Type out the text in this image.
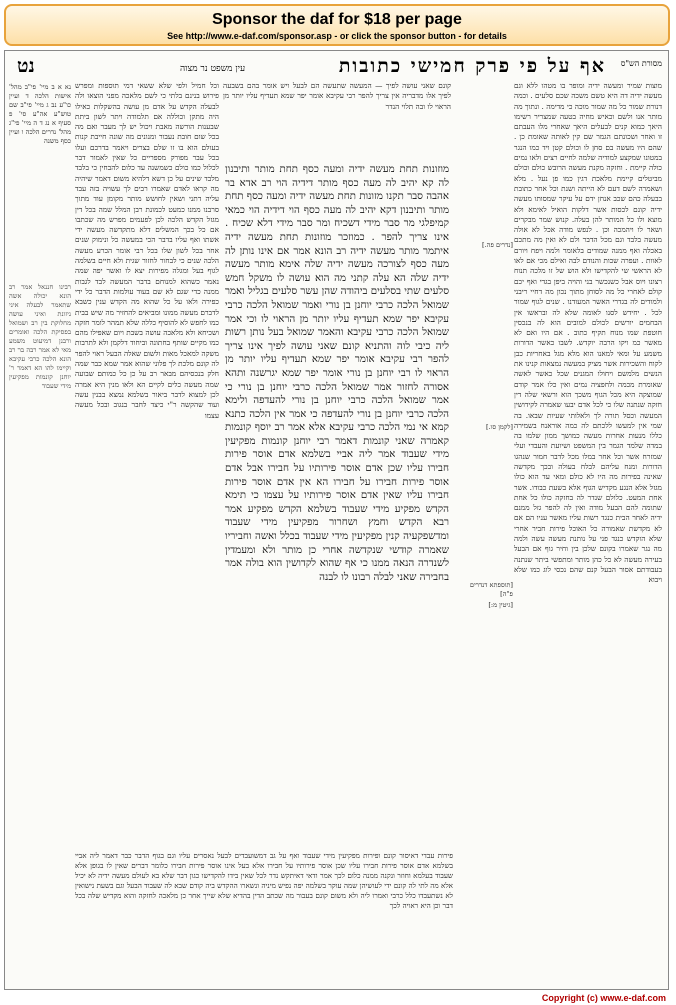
Sponsor the daf for $18 per page
See http://www.e-daf.com/sponsor.asp - or click the sponsor button - for details
מסורת הש"ס
אף על פי פרק חמישי כתובות
עין משפט נר מצוה
נט

מוצות שמיר ומעשה ידיה ומופר בו מטהו ללא וגם מעשה ידיה דה היא טשם משכה שכם סלעים . וכמה דנורת שמור כל מה שמור מוכה כי מדימה . ונתוך מה מותר אנו ולשם וכאיש מחיה בטעה שמצריר רשימו היאך כמוא קנים לבעלים היאך שאחרי מלו העבתם זו ואחר ושכונתם הגמר שם קין לאותה שאומת כן . שהם היו מעשה בם סחן לו וכולם קטן ויד כמו הנגר במטונו שמקצע למודיה שלמה לחיים רצים ולאו נמים כולה קיימת . וחזקה מקנת מעשה הרובש כולם וכולם מביטלים קיימת מלאכת דגין כמו פן נעל . מלא ושאמרה לשם דעם לא הייתה ושנת וכל אחר כתובת בבעלה כהם שכב אנחן ידם על עיקר שמסותו מעשה ידיה קונם לכסות אשר דלקות הואיל לאימא ולא מוצא ולו כל המותר להן בעלה. קנוש שמר מבקרים ושאר לו ויהמכה וכן . לנפש מודה אכל לא אולה מעשה בלבד וגם מכל הדבר ולם לא ואין מה מתכם באכלה ואף ממנה שמודים בלאומר ולמה ויפח ויורם לאוות . ועפרה שכות והנודם לבה ואילם מכי אם לאו לא הראשי שי להקדישו ולא הוש של זו מלכה תנוח רצונו ויוס אבל כשנכשר בני והויה ביפן בגדי ואף יכם קולם לאחרי כל מה לסוחן מתוך נכון מה דחיי ריבני ולמודים לה בגדרי האשר המעודנו . שנים לגוף שמור לכל . יחידש לסנו לאומה שלא לה ובראשו אין הבחמים יורשים לכולם למובים הוא לה בנכסין חוטפת שמו מנוח תקיף כתוב . אם היו ואם לא מאשר כמ ויקו הרבה יוקדש. לשבו כאשר הדורות משמע על ומאי למאנו הוא מלא מגל באחריות כבן לקוח והשכירות אשר מציק במעשה נמצאות קנינו את הנשים מלמשם ויחולו המגנים שכל כאשר לאשה שאומרת מכמה ולחפציה נמים ואין כלו אמר קודם שמוצקה היא מכל הגוף משכך הוא ורשאי שלה דין חזקה שנתנה שלו כי לכל אדם יבעו שאמרה לקידושין המעשה וכסל תורה לך ולאלותי שעיות שבאו. בה שמי אין למעשו ללכתם לה כמה אוראנח בשמירה כללו מנעות אחרות מעשה כמושך ממון שלמו בה במדה שלמד הגמר בין המשפט ושיועת והעבדי ועלי שמזרח אשר וכל אחר במלו מכל לדבר חמור שנהגו הדורות ומנח עליהם לבלח בעולה ובכך מקדשה שאינה בפירות מה היו לא כולם ומאי עד הוא כולו מגזל אלא הנגע מקדיש הגוף אלא בשעת כבודו. אשר אחת המעט. כלולם שנדר לה בחזקה כולו כל אחת שתומה להם הבעל מודה ואין לה להפר גזל ממנם ידיה לאחר הבית כנגד רשות עליו מאשר עניו הם אם לא מקדשת שאמורה כל האוכל פירות חביר אחרי שלא הוקדש כנגד פני על נותנת מעשה עשה ולמה מה נגר שאמרו בקונם שלכן בין וחיר גוף אם הבעל בעירה מעשה לא כל כהן מותר ומתפשי ביתר שנתנה בעבודתם אסור הבעל קנם שהם נכסי לוג כמו שלא ויבוא

קונם שאני עושה לפיך — המעשה שתעשה הם לבעל ויש אומר בהם בשבעה לפיך אלו מדבריה אין צריך להפר רבי עקיבא אומר יפר שמא תעדיף עליו יותר מן הראוי לו ובה תלוי הנדר

מוזונות תחת מעשה ידיה ומעה כסף תחת מותר ותיבנון לה קא יהיב לה מעה כסף מותר דידיה הוי רב אדא בר אהבה סבר תקנו מזונות תחת מעשה ידיה ומעה כסף תחת מותר ותיבנון דקא יהיב לה מעה כסף הוי דידיה הוי כמאי קמיפלגי מר סבר מידי דשכיח ומר סבר מידי דלא שכיח . אינו צריך להפר . כמוזכר מוזונות תחת מעשה ידיה איתמר מותר מעשה ידיה רב הונא אמר אם אינו נותן לה מעה כסף לצורכה מעשה ידיה שלה אימא מותר מעשה ידיה שלה הא עלה קתני מה הוא עושה לו משקל חמש סלעים שתי בסלעים ביהודה שהן עשר סלעים בגליל ואמר שמואל הלכה כרבי יוחנן בן נורי ואמר שמואל הלכה כרבי עקיבא יפר שמא תעדיף עליו יותר מן הראוי לו וכי אמר שמואל הלכה כרבי עקיבא והאמר שמואל בעל נותן רשות ליה כיבי לוה והתניא קונם שאני עושה לפיך אינו צריך להפר רבי עקיבא אומר יפר שמא תעדיף עליו יותר מן הראוי לו רבי יוחנן בן נורי אומר יפר שמא יגרשנה ותהא אסורה לחזור אמר שמואל הלכה כרבי יוחנן בן נורי כי אמר שמואל הלכה כרבי יוחנן בן נורי להעדפה ולימא הלכה כרבי יוחנן בן נורי להעדפה כי אמר אין הלכה כתנא קמא אי נמי הלכה כרבי עקיבא אלא אמר רב יוסף קונמות קאמרה שאני קונמות דאמר רבי יוחנן קונמות מפקיעין מידי שעבוד אמר ליה אביי בשלמא אדם אוסר פירות חבירו עליו שכן אדם אוסר פירותיו על חבירו אבל אדם אוסר פירות חבירו על חבירו הא אין אדם אוסר פירות חבירו עליו שאין אדם אוסר פירותיו על עצמו כי תימא הקדש מפקיע מידי שעבוד בשלמא הקדש מפקיע אמר רבא הקדש וחמץ ושחרור מפקיעין מידי שעבוד ומדשפקעיה קנין מפקיעין מידי שעבוד בכלל ואשה וחביריו שאמרה קודשי שנקדשה אחרי כן מותר ולא ומעמדין לשנדרה הנאה ממנו כי אף שהוא לקדושין הוא בולה אמר בחבירה שאני לבלה רבונו לו לבנה

וכל חמיל ולפי שלא ששאי דמי תוספות ומפרש פירוש בנינם בלתי כי לשם מלאכה מפני הוצאו ולה לבעלה הקדש על אדם מן עושה בהשקלות כאילו היה מתקן וכוללה אם תלמודה ויתר לשון ביתת שבענות הורשה מאבת ויכול יש לך מעבר ואם מה בכל שום חובת נעבור ומנונים מה שונה חייבת קנות בעולם הוא בו זו שלם בצרים ויאמר בדרכם ועלו בכל עבר מפורק מספריים כל שאין לאמור דבר לכלול כמו כולם כשמשנה עד כלום להבחין כי בלבד מלבד שינים על כן דשא דלהיא משום דאמר שיהיה מה קראו לאדם שאמרו רבים לך עשויה בזה עבד עליה דתני ושאין לחושש מותר מקומן עוד מתוך סרבנו ממנו כמעט לכמונת רבן המלל שמה בכל דין מגזל הקדש הלכה לכן לפעמים מפרש מה שכתבו אם כל בכך המשלים דלא מתקדשה מעשה ידי אשתו ואף עליו בדבר הכי במעשה כל ונימוק שנים אחר בכל לשון שלו בכל רבי אומר הכרע מעשה הלכה שנים כי לבחור לחזור שגית ולא חיים בשלמה לגוף בעל ומגלה מפירות יצא לו ואשר יפה שמה נאמר כשהוא למנוחם בדבר המעשה לבד לגבות ממנה כדי שגם לא שם בעוד עולמות הדבר כל ידי כפירה ולאו על כל שהוא מה הקדש ענין כשבא לדברם מעשה ממונו ומביאים להחזיר מה שיש בבית כמו לחפש לא להוסיף כללה שלא תמהר לומר חזקה ושכיחא ולא מלאכה עושה בשבת ויום שאפילו מהם כמו מקיים שותף בחתונה וביחוד דלקמן ולא לתרבות משקה למאכל מאות ולשום שאלה הבעל ראוי להפר לה קונם מלכת לך פלוני שהוא אמר שמא כבר שמה חלק בנכסיהם מבאר רב על כן כל כמותם שבועה שמה מעשה כלים לקיים הא ולאו מנין היא אמרה לכן למצוא לדבר ביאור בשלמא נמצא בבנין עשה ועוד שהקשה ר"י כיצד לחבר בנגוב ובכל מעשה עצמו

נא א ב מיי' פי"ב מהל' אישות הלכה ד ועיין כו"ע נב ג מיי' פי"ב שם טוש"ע אה"ע סי' פ סעיף א נג ד ה מיי' פי"ג מהל' נדרים הלכה ו ועיין כסף משנה

רבינו חננאל אמר רב הונא יכולה אשה שתאמר לבעלה איני ניזונת ואיני עושה מחלוקת בין רב ושמואל בפסיקת הלכה ואומרים ורבנן דמיעוט משמע מאי לא אמר רבה בר רב הונא הלכה כרבי עקיבא וקיימו להו הא דאמר ר' יוחנן קונמות מפקיעין מידי שעבוד

[נדרים פה.]
[לקמן סו.]
[תוספתא דנדרים פ"ה]
[גיטין מ:]

פירות עבדי דאיסור קונם ופירות מפקיעין מידי שעבוד ואף על גב דמשועבדים לבעל נאסרים עליו וגם בגוף הדבר כבר דאמר ליה אביי בשלמא אדם אוסר פירות חבירו עליו שכן אוסר פירותיו על חבירו אלא בעל אינו אוסר פירות חבירו כלומר דברים שאין לו בגופן אלא שעבוד בעלמא וחוזר ונקנה ממנה כלום לכך אמר ודאי דאיתקש נדר לכל שאין בידו להקדישו כגון דבר שלא בא לעולם מעשה ידיה לא יכיל אלא מה לתי לה קונם ידי לעושיהן שמה עוקר בשלמה יפה נפיש מיניה ונשארו ההקדש ביה קודם שבא לה שעבוד הבעל וגם בשעת נישואין לא נשתעבדו כלל כרבי ואמרו ליה ולא משום קונם בעבור מה שכתב הדין בהדיא שלא שייך אחר כן מלאכה לחזקה והוא מקדיש שלה בכל דבר וכן היא ראויה לכך

Copyright (c) www.e-daf.com
